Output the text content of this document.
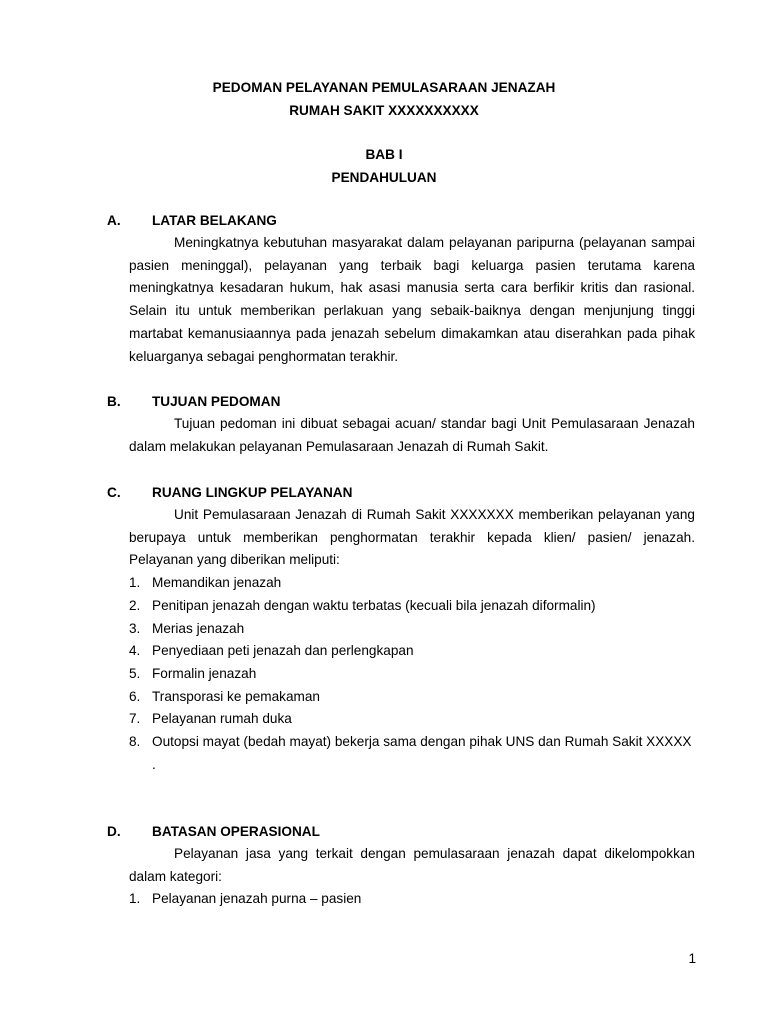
PEDOMAN PELAYANAN PEMULASARAAN JENAZAH
RUMAH SAKIT XXXXXXXXXX
BAB I
PENDAHULUAN
A. LATAR BELAKANG

Meningkatnya kebutuhan masyarakat dalam pelayanan paripurna (pelayanan sampai pasien meninggal), pelayanan yang terbaik bagi keluarga pasien terutama karena meningkatnya kesadaran hukum, hak asasi manusia serta cara berfikir kritis dan rasional. Selain itu untuk memberikan perlakuan yang sebaik-baiknya dengan menjunjung tinggi martabat kemanusiaannya pada jenazah sebelum dimakamkan atau diserahkan pada pihak keluarganya sebagai penghormatan terakhir.

B. TUJUAN PEDOMAN

Tujuan pedoman ini dibuat sebagai acuan/ standar bagi Unit Pemulasaraan Jenazah dalam melakukan pelayanan Pemulasaraan Jenazah di Rumah Sakit.

C. RUANG LINGKUP PELAYANAN

Unit Pemulasaraan Jenazah di Rumah Sakit XXXXXXX memberikan pelayanan yang berupaya untuk memberikan penghormatan terakhir kepada klien/ pasien/ jenazah. Pelayanan yang diberikan meliputi:

1. Memandikan jenazah
2. Penitipan jenazah dengan waktu terbatas (kecuali bila jenazah diformalin)
3. Merias jenazah
4. Penyediaan peti jenazah dan perlengkapan
5. Formalin jenazah
6. Transporasi ke pemakaman
7. Pelayanan rumah duka
8. Outopsi mayat (bedah mayat) bekerja sama dengan pihak UNS dan Rumah Sakit XXXXX .
D. BATASAN OPERASIONAL

Pelayanan jasa yang terkait dengan pemulasaraan jenazah dapat dikelompokkan dalam kategori:

1. Pelayanan jenazah purna – pasien
1
